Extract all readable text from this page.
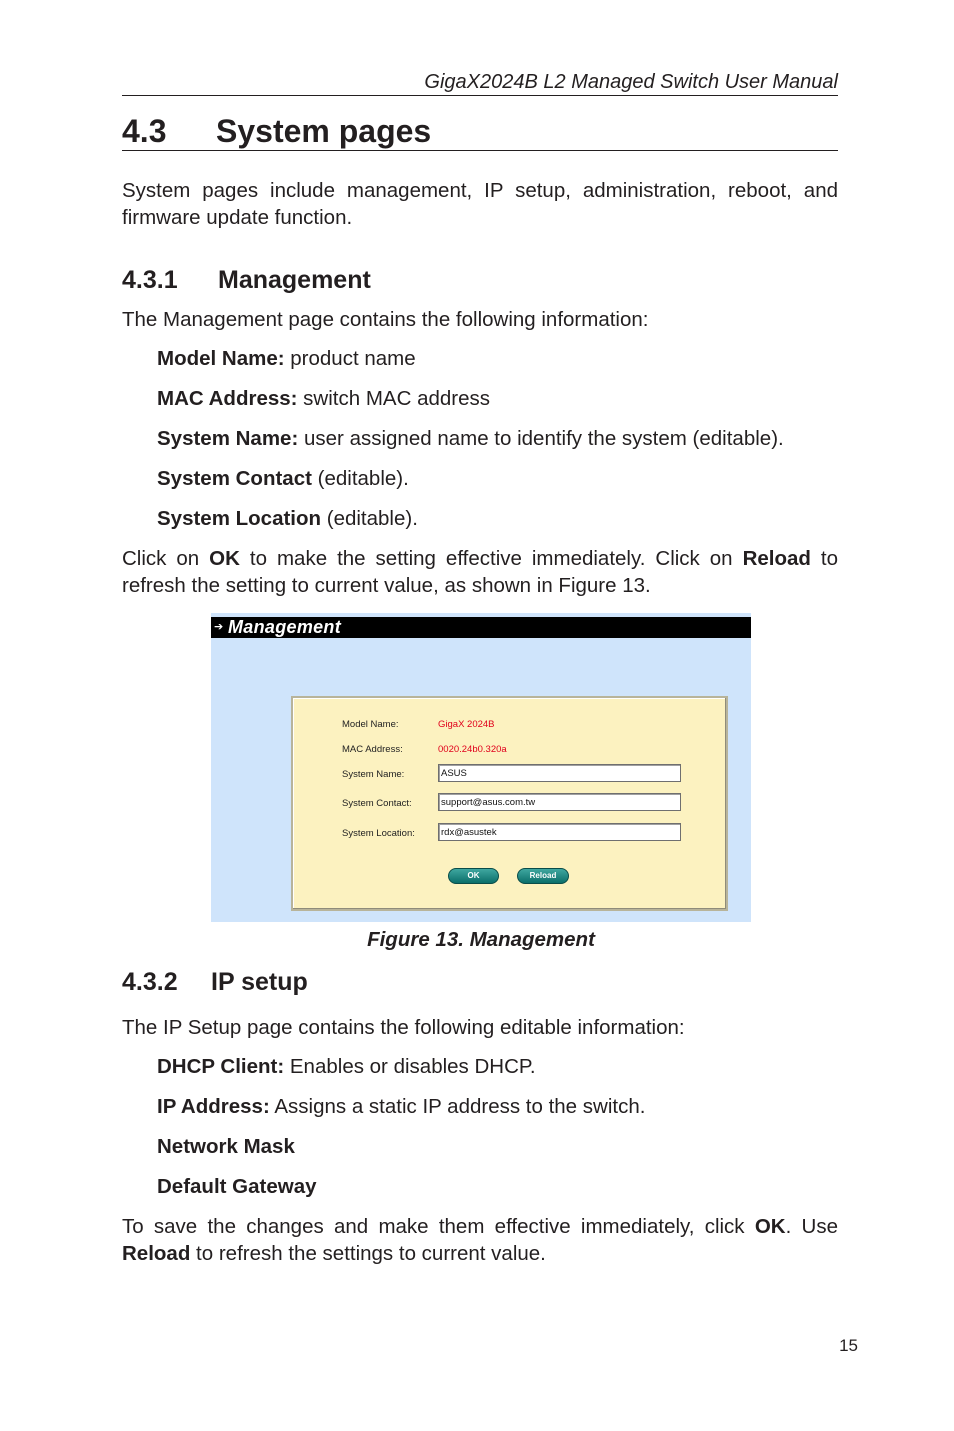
GigaX2024B L2 Managed Switch User Manual
4.3 System pages
System pages include management, IP setup, administration, reboot, and firmware update function.
4.3.1 Management
The Management page contains the following information:
Model Name: product name
MAC Address: switch MAC address
System Name: user assigned name to identify the system (editable).
System Contact (editable).
System Location (editable).
Click on OK to make the setting effective immediately. Click on Reload to refresh the setting to current value, as shown in Figure 13.
➔ Management
Model Name:	GigaX 2024B
MAC Address:	0020.24b0.320a
System Name:	ASUS
System Contact:	support@asus.com.tw
System Location:	rdx@asustek
OK	Reload
Figure 13. Management
4.3.2 IP setup
The IP Setup page contains the following editable information:
DHCP Client: Enables or disables DHCP.
IP Address: Assigns a static IP address to the switch.
Network Mask
Default Gateway
To save the changes and make them effective immediately, click OK. Use Reload to refresh the settings to current value.
15
